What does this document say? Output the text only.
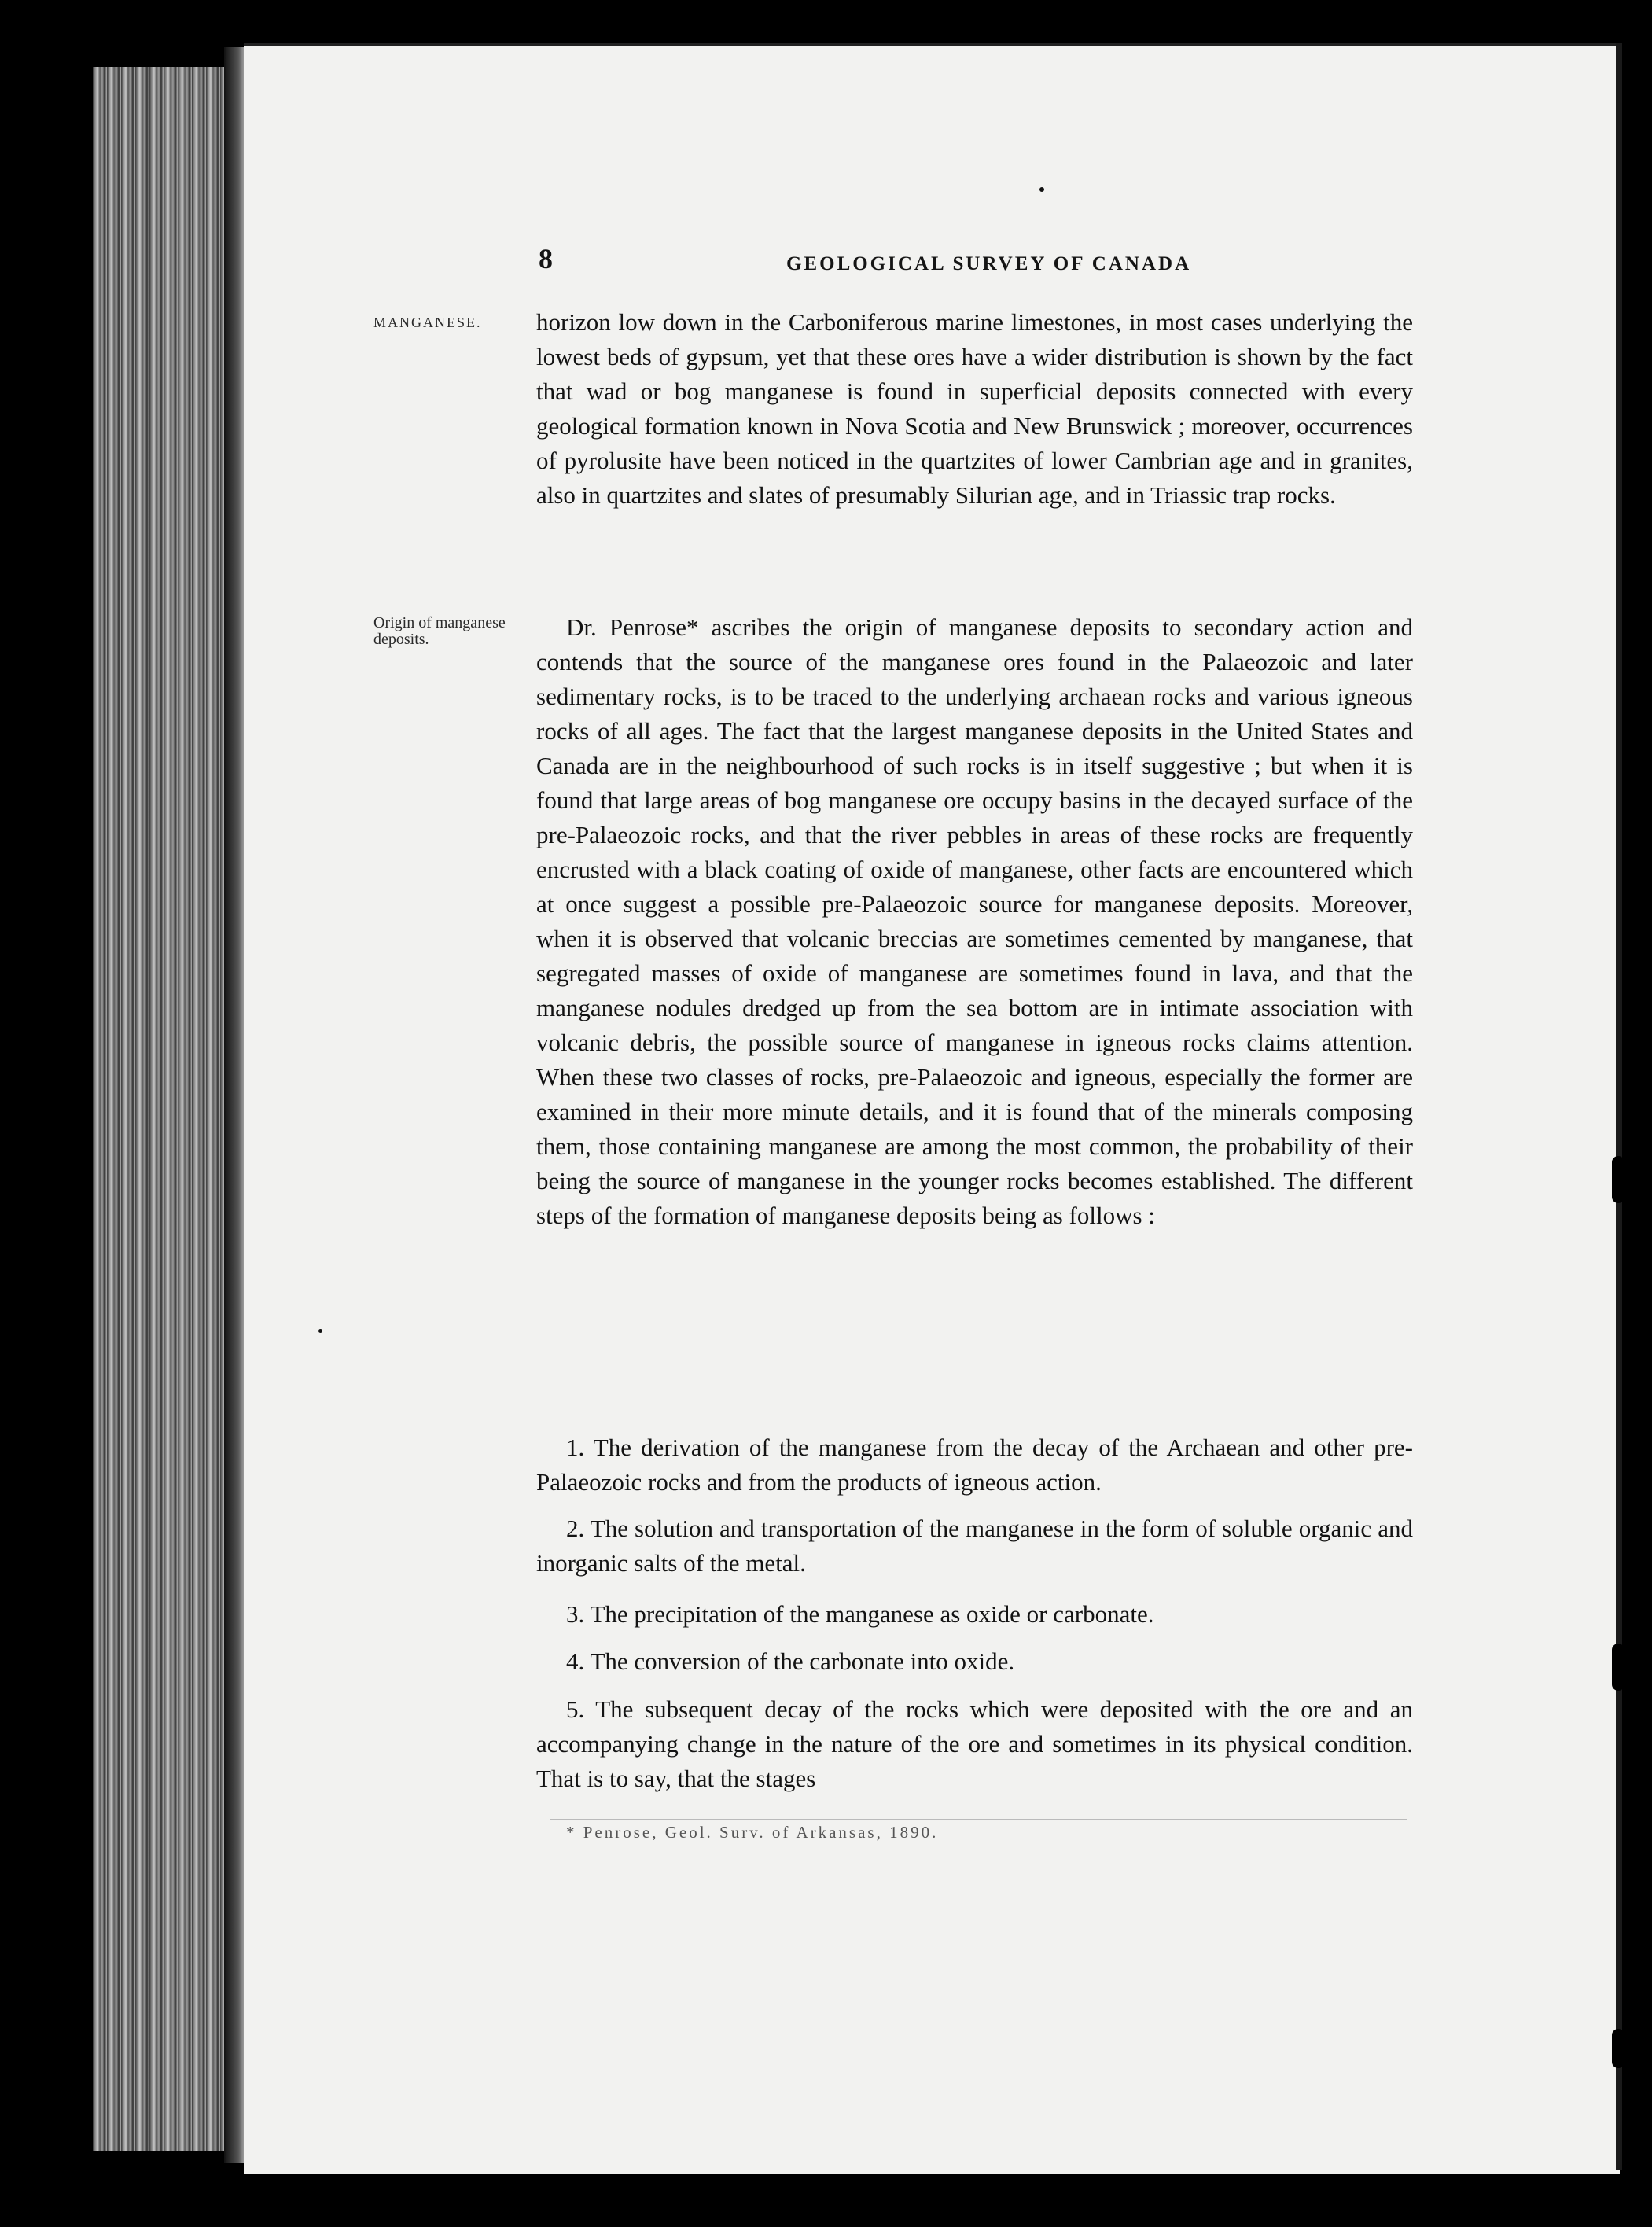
8	GEOLOGICAL SURVEY OF CANADA
MANGANESE.
Origin of manganese deposits.

horizon low down in the Carboniferous marine limestones, in most cases underlying the lowest beds of gypsum, yet that these ores have a wider distribution is shown by the fact that wad or bog manganese is found in superficial deposits connected with every geological formation known in Nova Scotia and New Brunswick ; moreover, occurrences of pyrolusite have been noticed in the quartzites of lower Cambrian age and in granites, also in quartzites and slates of presumably Silurian age, and in Triassic trap rocks.

Dr. Penrose* ascribes the origin of manganese deposits to secondary action and contends that the source of the manganese ores found in the Palaeozoic and later sedimentary rocks, is to be traced to the underlying archaean rocks and various igneous rocks of all ages. The fact that the largest manganese deposits in the United States and Canada are in the neighbourhood of such rocks is in itself suggestive ; but when it is found that large areas of bog manganese ore occupy basins in the decayed surface of the pre-Palaeozoic rocks, and that the river pebbles in areas of these rocks are frequently encrusted with a black coating of oxide of manganese, other facts are encountered which at once suggest a possible pre-Palaeozoic source for manganese deposits. Moreover, when it is observed that volcanic breccias are sometimes cemented by manganese, that segregated masses of oxide of manganese are sometimes found in lava, and that the manganese nodules dredged up from the sea bottom are in intimate association with volcanic debris, the possible source of manganese in igneous rocks claims attention. When these two classes of rocks, pre-Palaeozoic and igneous, especially the former are examined in their more minute details, and it is found that of the minerals composing them, those containing manganese are among the most common, the probability of their being the source of manganese in the younger rocks becomes established. The different steps of the formation of manganese deposits being as follows :

1. The derivation of the manganese from the decay of the Archaean and other pre-Palaeozoic rocks and from the products of igneous action.

2. The solution and transportation of the manganese in the form of soluble organic and inorganic salts of the metal.

3. The precipitation of the manganese as oxide or carbonate.

4. The conversion of the carbonate into oxide.

5. The subsequent decay of the rocks which were deposited with the ore and an accompanying change in the nature of the ore and sometimes in its physical condition. That is to say, that the stages

* Penrose, Geol. Surv. of Arkansas, 1890.
